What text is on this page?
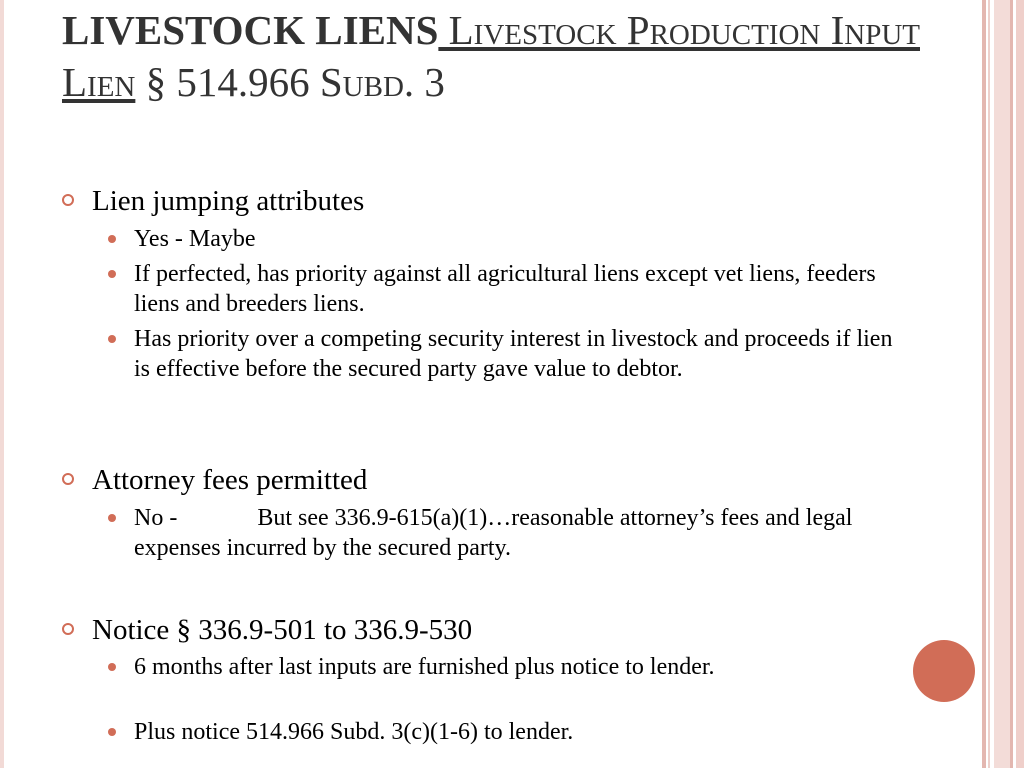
LIVESTOCK LIENS Livestock Production Input Lien § 514.966 Subd. 3
Lien jumping attributes
Yes - Maybe
If perfected, has priority against all agricultural liens except vet liens, feeders liens and breeders liens.
Has priority over a competing security interest in livestock and proceeds if lien is effective before the secured party gave value to debtor.
Attorney fees permitted
No -	But see 336.9-615(a)(1)…reasonable attorney’s fees and legal expenses incurred by the secured party.
Notice § 336.9-501 to 336.9-530
6 months after last inputs are furnished plus notice to lender.
Plus notice 514.966 Subd. 3(c)(1-6) to lender.
